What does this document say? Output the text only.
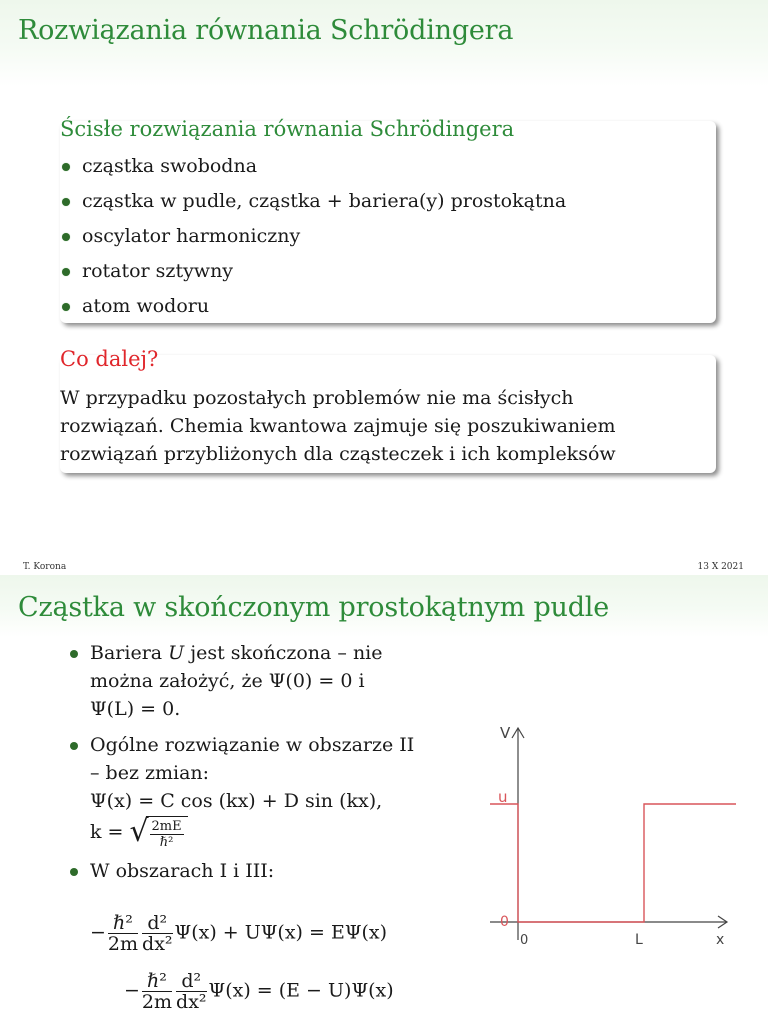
Rozwiązania równania Schrödingera
Ścisłe rozwiązania równania Schrödingera
cząstka swobodna
cząstka w pudle, cząstka + bariera(y) prostokątna
oscylator harmoniczny
rotator sztywny
atom wodoru
Co dalej?
W przypadku pozostałych problemów nie ma ścisłych
rozwiązań. Chemia kwantowa zajmuje się poszukiwaniem
rozwiązań przybliżonych dla cząsteczek i ich kompleksów
T. Korona	13 X 2021
Cząstka w skończonym prostokątnym pudle
Bariera U jest skończona – nie
można założyć, że Ψ(0) = 0 i
Ψ(L) = 0.
Ogólne rozwiązanie w obszarze II
– bez zmian:
Ψ(x) = C cos (kx) + D sin (kx),
k = √ $\frac{2mE}{\text{ℏ²}}$
W obszarach I i III:
− $\frac{\text{ℏ²}}{2m} \frac{\text{d²}}{\text{dx²}} \Psi(x) + U\Psi(x) = E\Psi(x)$
− $\frac{\text{ℏ²}}{2m} \frac{\text{d²}}{\text{dx²}} \Psi(x) = (E - U)\Psi(x)$
V
u
0
0	L	x
